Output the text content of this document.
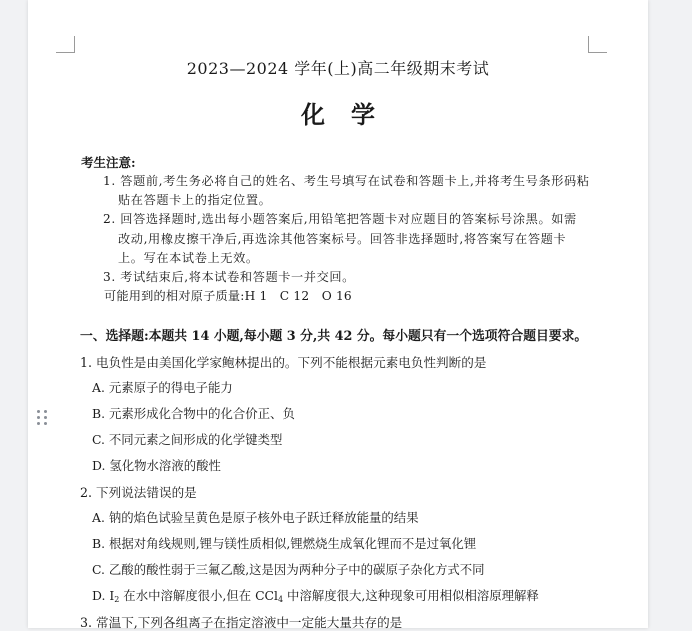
2023—2024 学年(上)高二年级期末考试
化学
考生注意:
1. 答题前,考生务必将自己的姓名、考生号填写在试卷和答题卡上,并将考生号条形码粘
贴在答题卡上的指定位置。
2. 回答选择题时,选出每小题答案后,用铅笔把答题卡对应题目的答案标号涂黑。如需
改动,用橡皮擦干净后,再选涂其他答案标号。回答非选择题时,将答案写在答题卡
上。写在本试卷上无效。
3. 考试结束后,将本试卷和答题卡一并交回。
可能用到的相对原子质量:H 1　C 12　O 16
一、选择题:本题共 14 小题,每小题 3 分,共 42 分。每小题只有一个选项符合题目要求。
1. 电负性是由美国化学家鲍林提出的。下列不能根据元素电负性判断的是
A. 元素原子的得电子能力
B. 元素形成化合物中的化合价正、负
C. 不同元素之间形成的化学键类型
D. 氢化物水溶液的酸性
2. 下列说法错误的是
A. 钠的焰色试验呈黄色是原子核外电子跃迁释放能量的结果
B. 根据对角线规则,锂与镁性质相似,锂燃烧生成氧化锂而不是过氧化锂
C. 乙酸的酸性弱于三氟乙酸,这是因为两种分子中的碳原子杂化方式不同
D. $I_2$ 在水中溶解度很小,但在 CCl$_4$ 中溶解度很大,这种现象可用相似相溶原理解释
3. 常温下,下列各组离子在指定溶液中一定能大量共存的是
